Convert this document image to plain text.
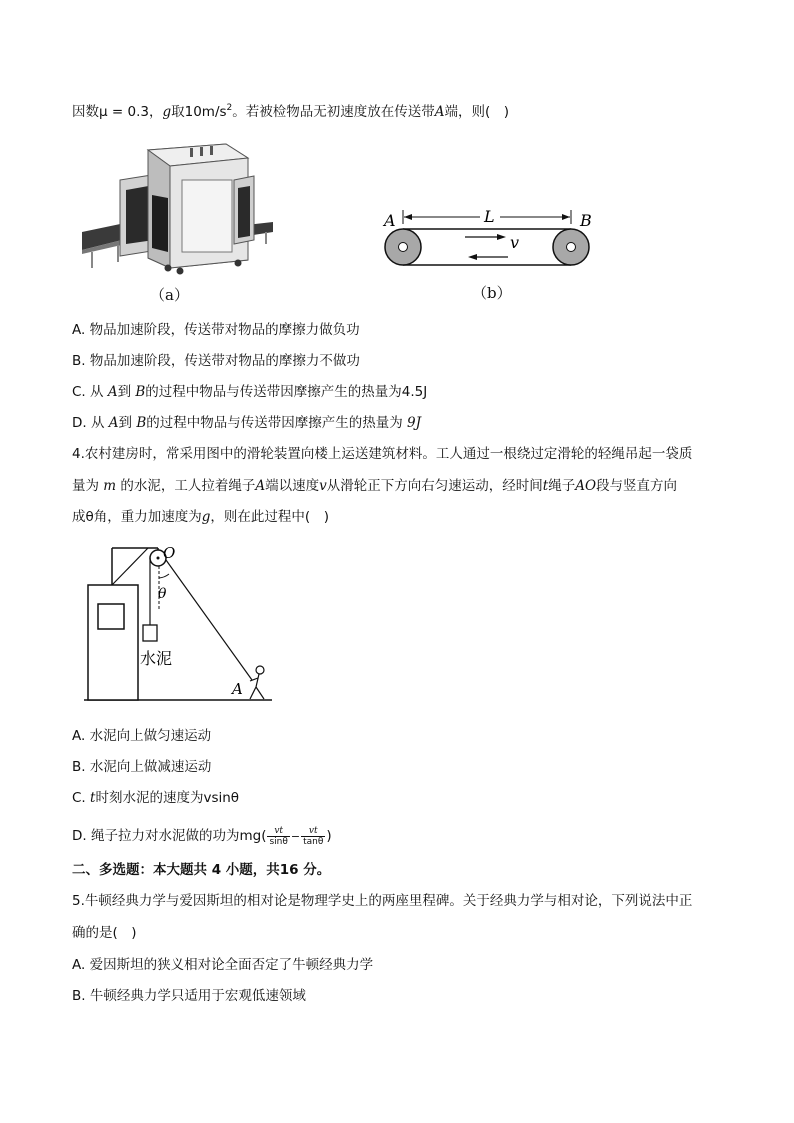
因数μ = 0.3，g取$10m/s^2$。若被检物品无初速度放在传送带A端，则(　)
（a）
A	B
L
v
（b）
A. 物品加速阶段，传送带对物品的摩擦力做负功
B. 物品加速阶段，传送带对物品的摩擦力不做功
C. 从 A到 B的过程中物品与传送带因摩擦产生的热量为4.5J
D. 从 A到 B的过程中物品与传送带因摩擦产生的热量为 9J
4.农村建房时，常采用图中的滑轮装置向楼上运送建筑材料。工人通过一根绕过定滑轮的轻绳吊起一袋质
量为 m 的水泥，工人拉着绳子A端以速度v从滑轮正下方向右匀速运动，经时间t绳子AO段与竖直方向
成θ角，重力加速度为g，则在此过程中(　)
O
θ
水泥
A
A. 水泥向上做匀速运动
B. 水泥向上做减速运动
C. t时刻水泥的速度为vsinθ
D. 绳子拉力对水泥做的功为$mg( \frac{vt}{\sin\theta} - \frac{vt}{\tan\theta}$ )
二、多选题：本大题共 4 小题，共16 分。
5.牛顿经典力学与爱因斯坦的相对论是物理学史上的两座里程碑。关于经典力学与相对论，下列说法中正
确的是(　)
A. 爱因斯坦的狭义相对论全面否定了牛顿经典力学
B. 牛顿经典力学只适用于宏观低速领域
